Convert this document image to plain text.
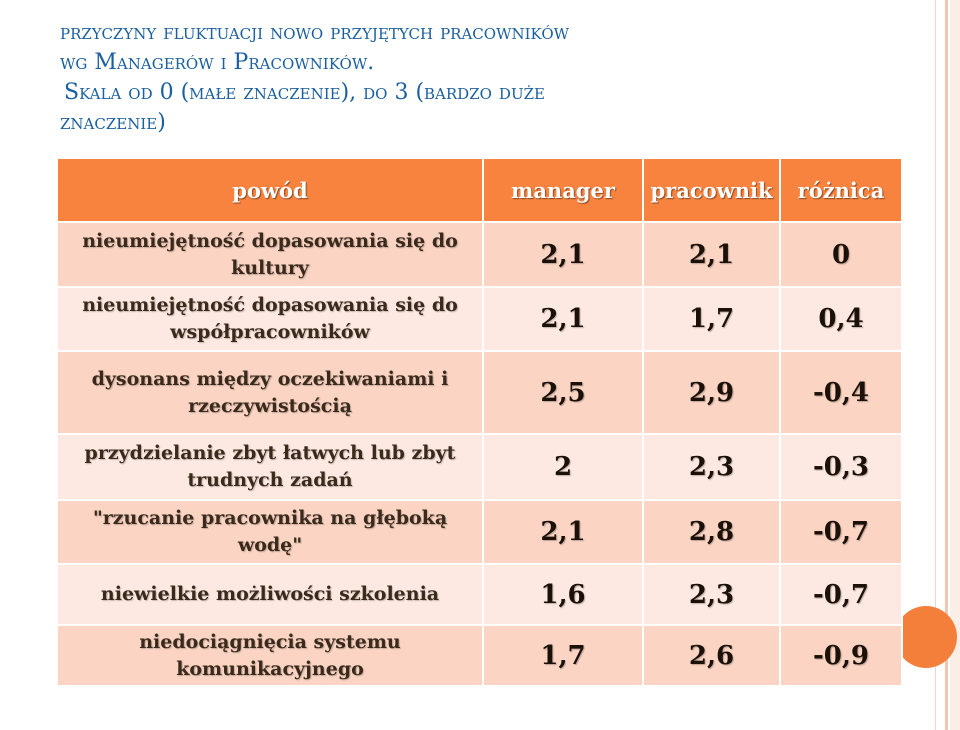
przyczyny fluktuacji nowo przyjętych pracowników
wg Managerów i Pracowników.
Skala od 0 (małe znaczenie), do 3 (bardzo duże
znaczenie)
powód	manager	pracownik	różnica
nieumiejętność dopasowania się do kultury	2,1	2,1	0
nieumiejętność dopasowania się do współpracowników	2,1	1,7	0,4
dysonans między oczekiwaniami i rzeczywistością	2,5	2,9	-0,4
przydzielanie zbyt łatwych lub zbyt trudnych zadań	2	2,3	-0,3
"rzucanie pracownika na głęboką wodę"	2,1	2,8	-0,7
niewielkie możliwości szkolenia	1,6	2,3	-0,7
niedociągnięcia systemu komunikacyjnego	1,7	2,6	-0,9
